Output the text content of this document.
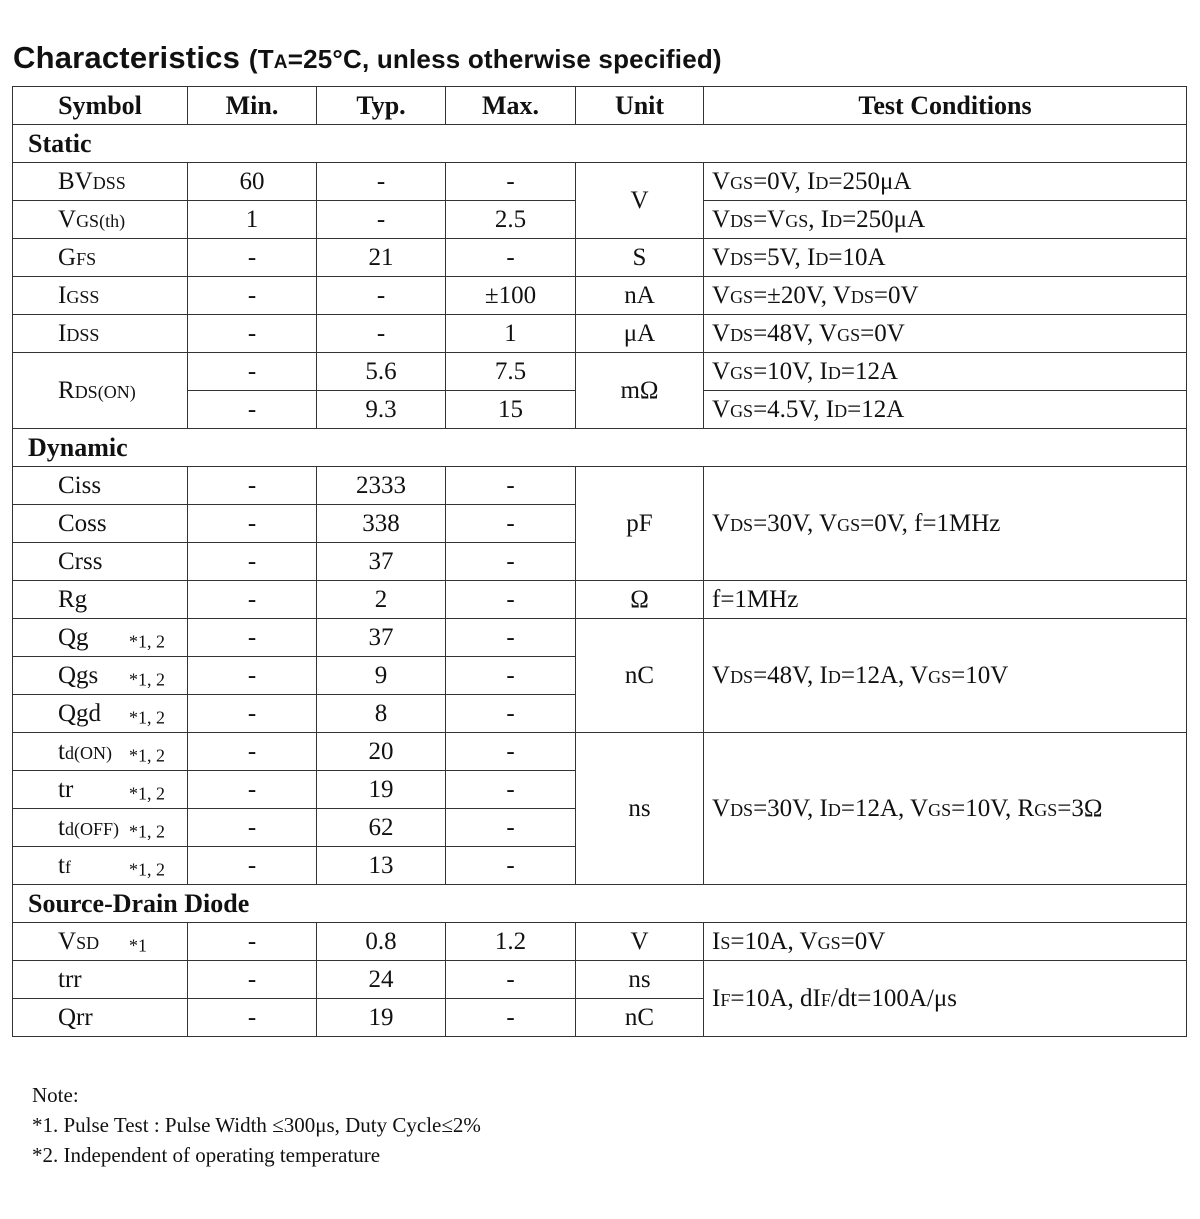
Characteristics (TA=25°C, unless otherwise specified)
Symbol	Min.	Typ.	Max.	Unit	Test Conditions
Static					
BVDSS	60	-	-	V	VGS=0V, ID=250μA
VGS(th)	1	-	2.5		VDS=VGS, ID=250μA
GFS	-	21	-	S	VDS=5V, ID=10A
IGSS	-	-	±100	nA	VGS=±20V, VDS=0V
IDSS	-	-	1	μA	VDS=48V, VGS=0V
RDS(ON)	-	5.6	7.5	mΩ	VGS=10V, ID=12A
	-	9.3	15		VGS=4.5V, ID=12A
Dynamic					
Ciss	-	2333	-	pF	VDS=30V, VGS=0V, f=1MHz
Coss	-	338	-		
Crss	-	37	-		
Rg	-	2	-	Ω	f=1MHz
Qg *1, 2	-	37	-	nC	VDS=48V, ID=12A, VGS=10V
Qgs *1, 2	-	9	-		
Qgd *1, 2	-	8	-		
td(ON) *1, 2	-	20	-	ns	VDS=30V, ID=12A, VGS=10V, RGS=3Ω
tr *1, 2	-	19	-		
td(OFF) *1, 2	-	62	-		
tf *1, 2	-	13	-		
Source-Drain Diode					
VSD *1	-	0.8	1.2	V	IS=10A, VGS=0V
trr	-	24	-	ns	IF=10A, dIF/dt=100A/μs
Qrr	-	19	-	nC	
Note:
*1. Pulse Test : Pulse Width ≤300μs, Duty Cycle≤2%
*2. Independent of operating temperature
